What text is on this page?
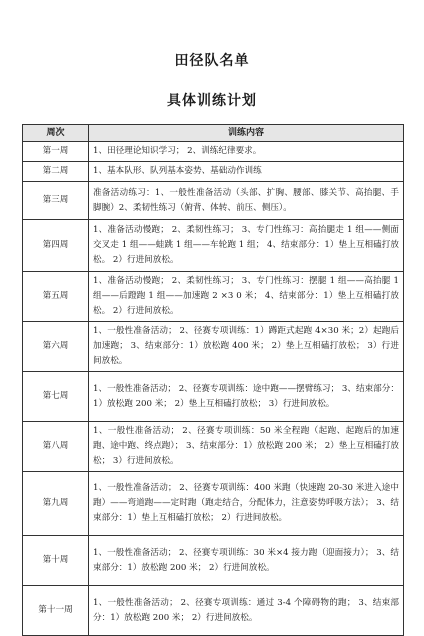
田径队名单
具体训练计划
周次	训练内容
第一周	1、田径理论知识学习； 2、训练纪律要求。
第二周	1、基本队形、队列基本姿势、基础动作训练
第三周	准备活动练习：1、一般性准备活动（头部、扩胸、腰部、膝关节、高抬腿、手脚腕）2、柔韧性练习（俯背、体转、前压、侧压）。
第四周	1、准备活动慢跑； 2、柔韧性练习； 3、专门性练习：高抬腿走 1 组——侧面交叉走 1 组——蛙跳 1 组——车轮跑 1 组； 4、结束部分：1）垫上互相磕打放松。 2）行进间放松。
第五周	1、准备活动慢跑； 2、柔韧性练习； 3、专门性练习：摆腿 1 组——高抬腿 1 组——后蹬跑 1 组——加速跑 2 ×3 0 米； 4、结束部分：1）垫上互相磕打放松。 2）行进间放松。
第六周	1、一般性准备活动； 2、径赛专项训练：1）蹲距式起跑 4×30 米；2）起跑后加速跑； 3、结束部分：1）放松跑 400 米； 2）垫上互相磕打放松； 3）行进间放松。
第七周	1、一般性准备活动； 2、径赛专项训练：途中跑——摆臂练习； 3、结束部分： 1）放松跑 200 米； 2）垫上互相磕打放松； 3）行进间放松。
第八周	1、一般性准备活动； 2、径赛专项训练：50 米全程跑（起跑、起跑后的加速跑、途中跑、终点跑）； 3、结束部分：1）放松跑 200 米； 2）垫上互相磕打放松； 3）行进间放松。
第九周	1、一般性准备活动； 2、径赛专项训练：400 米跑（快速跑 20-30 米进入途中跑）——弯道跑——定时跑（跑走结合，分配体力，注意姿势呼吸方法）； 3、结束部分：1）垫上互相磕打放松； 2）行进间放松。
第十周	1、一般性准备活动； 2、径赛专项训练：30 米×4 接力跑（迎面接力）； 3、结束部分：1）放松跑 200 米； 2）行进间放松。
第十一周	1、一般性准备活动； 2、径赛专项训练：通过 3-4 个障碍物的跑； 3、结束部分：1）放松跑 200 米； 2）行进间放松。
